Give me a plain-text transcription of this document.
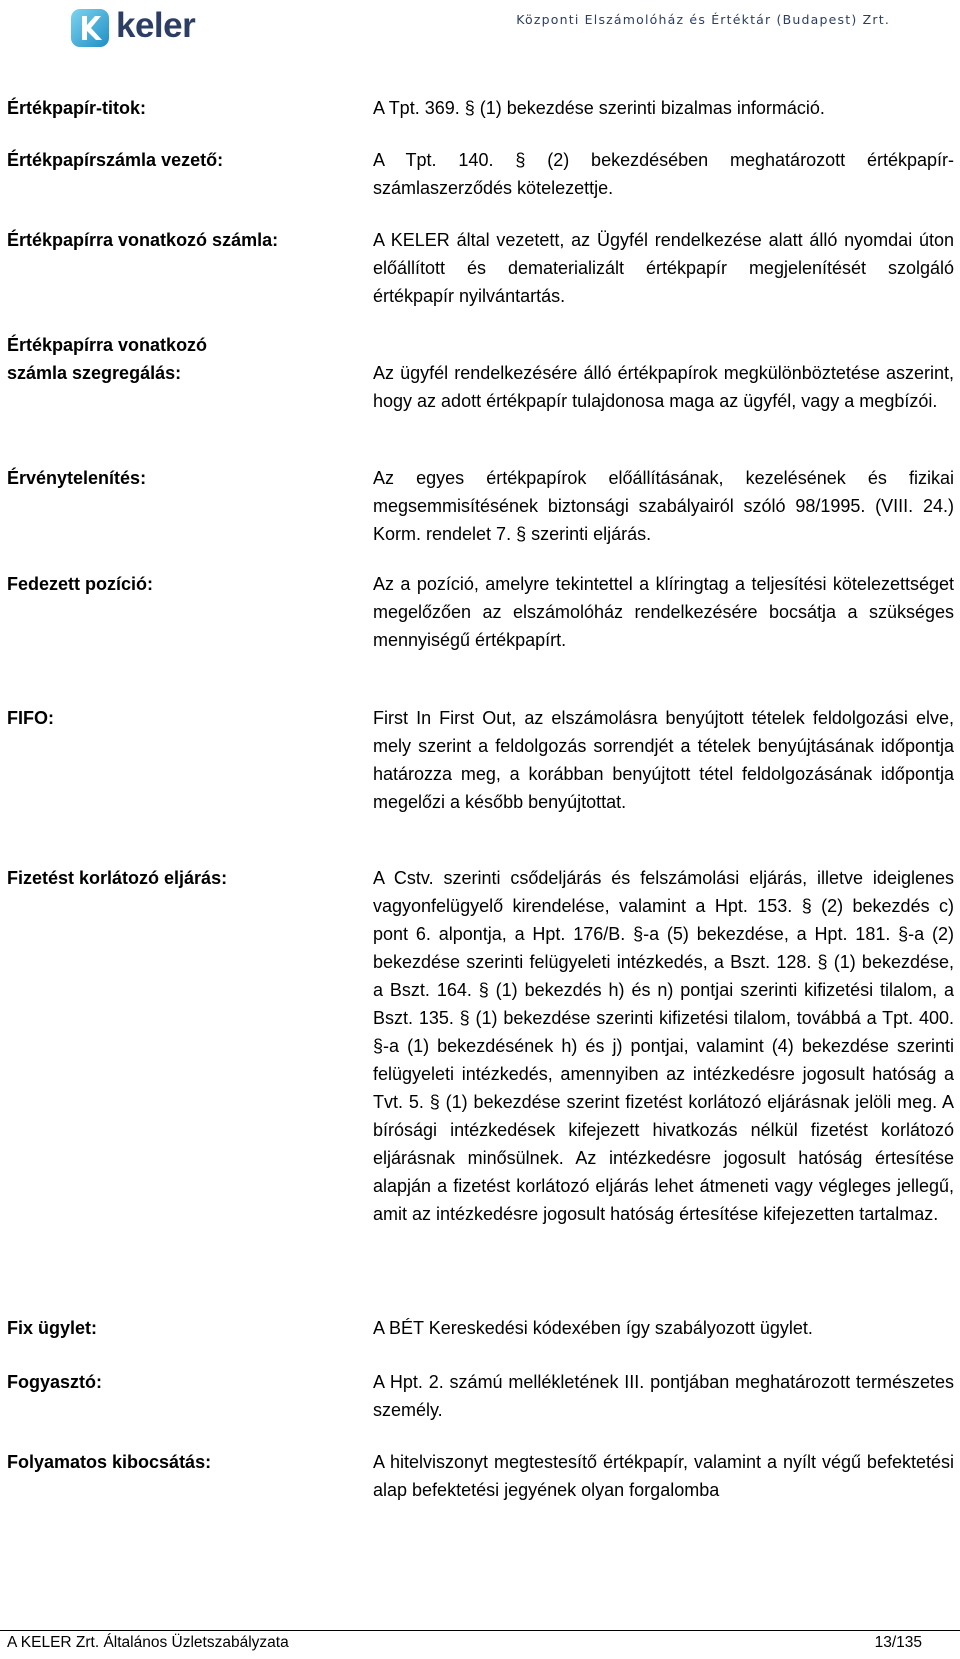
keler	Központi Elszámolóház és Értéktár (Budapest) Zrt.
Értékpapír-titok:	A Tpt. 369. § (1) bekezdése szerinti bizalmas információ.
Értékpapírszámla vezető:	A Tpt. 140. § (2) bekezdésében meghatározott értékpapír-számlaszerződés kötelezettje.
Értékpapírra vonatkozó számla:	A KELER által vezetett, az Ügyfél rendelkezése alatt álló nyomdai úton előállított és dematerializált értékpapír megjelenítését szolgáló értékpapír nyilvántartás.
Értékpapírra vonatkozó
számla szegregálás:	Az ügyfél rendelkezésére álló értékpapírok megkülönböztetése aszerint, hogy az adott értékpapír tulajdonosa maga az ügyfél, vagy a megbízói.
Érvénytelenítés:	Az egyes értékpapírok előállításának, kezelésének és fizikai megsemmisítésének biztonsági szabályairól szóló 98/1995. (VIII. 24.) Korm. rendelet 7. § szerinti eljárás.
Fedezett pozíció:	Az a pozíció, amelyre tekintettel a klíringtag a teljesítési kötelezettséget megelőzően az elszámolóház rendelkezésére bocsátja a szükséges mennyiségű értékpapírt.
FIFO:	First In First Out, az elszámolásra benyújtott tételek feldolgozási elve, mely szerint a feldolgozás sorrendjét a tételek benyújtásának időpontja határozza meg, a korábban benyújtott tétel feldolgozásának időpontja megelőzi a később benyújtottat.
Fizetést korlátozó eljárás:	A Cstv. szerinti csődeljárás és felszámolási eljárás, illetve ideiglenes vagyonfelügyelő kirendelése, valamint a Hpt. 153. § (2) bekezdés c) pont 6. alpontja, a Hpt. 176/B. §-a (5) bekezdése, a Hpt. 181. §-a (2) bekezdése szerinti felügyeleti intézkedés, a Bszt. 128. § (1) bekezdése, a Bszt. 164. § (1) bekezdés h) és n) pontjai szerinti kifizetési tilalom, a Bszt. 135. § (1) bekezdése szerinti kifizetési tilalom, továbbá a Tpt. 400. §-a (1) bekezdésének h) és j) pontjai, valamint (4) bekezdése szerinti felügyeleti intézkedés, amennyiben az intézkedésre jogosult hatóság a Tvt. 5. § (1) bekezdése szerint fizetést korlátozó eljárásnak jelöli meg. A bírósági intézkedések kifejezett hivatkozás nélkül fizetést korlátozó eljárásnak minősülnek. Az intézkedésre jogosult hatóság értesítése alapján a fizetést korlátozó eljárás lehet átmeneti vagy végleges jellegű, amit az intézkedésre jogosult hatóság értesítése kifejezetten tartalmaz.
Fix ügylet:	A BÉT Kereskedési kódexében így szabályozott ügylet.
Fogyasztó:	A Hpt. 2. számú mellékletének III. pontjában meghatározott természetes személy.
Folyamatos kibocsátás:	A hitelviszonyt megtestesítő értékpapír, valamint a nyílt végű befektetési alap befektetési jegyének olyan forgalomba
A KELER Zrt. Általános Üzletszabályzata	13/135
